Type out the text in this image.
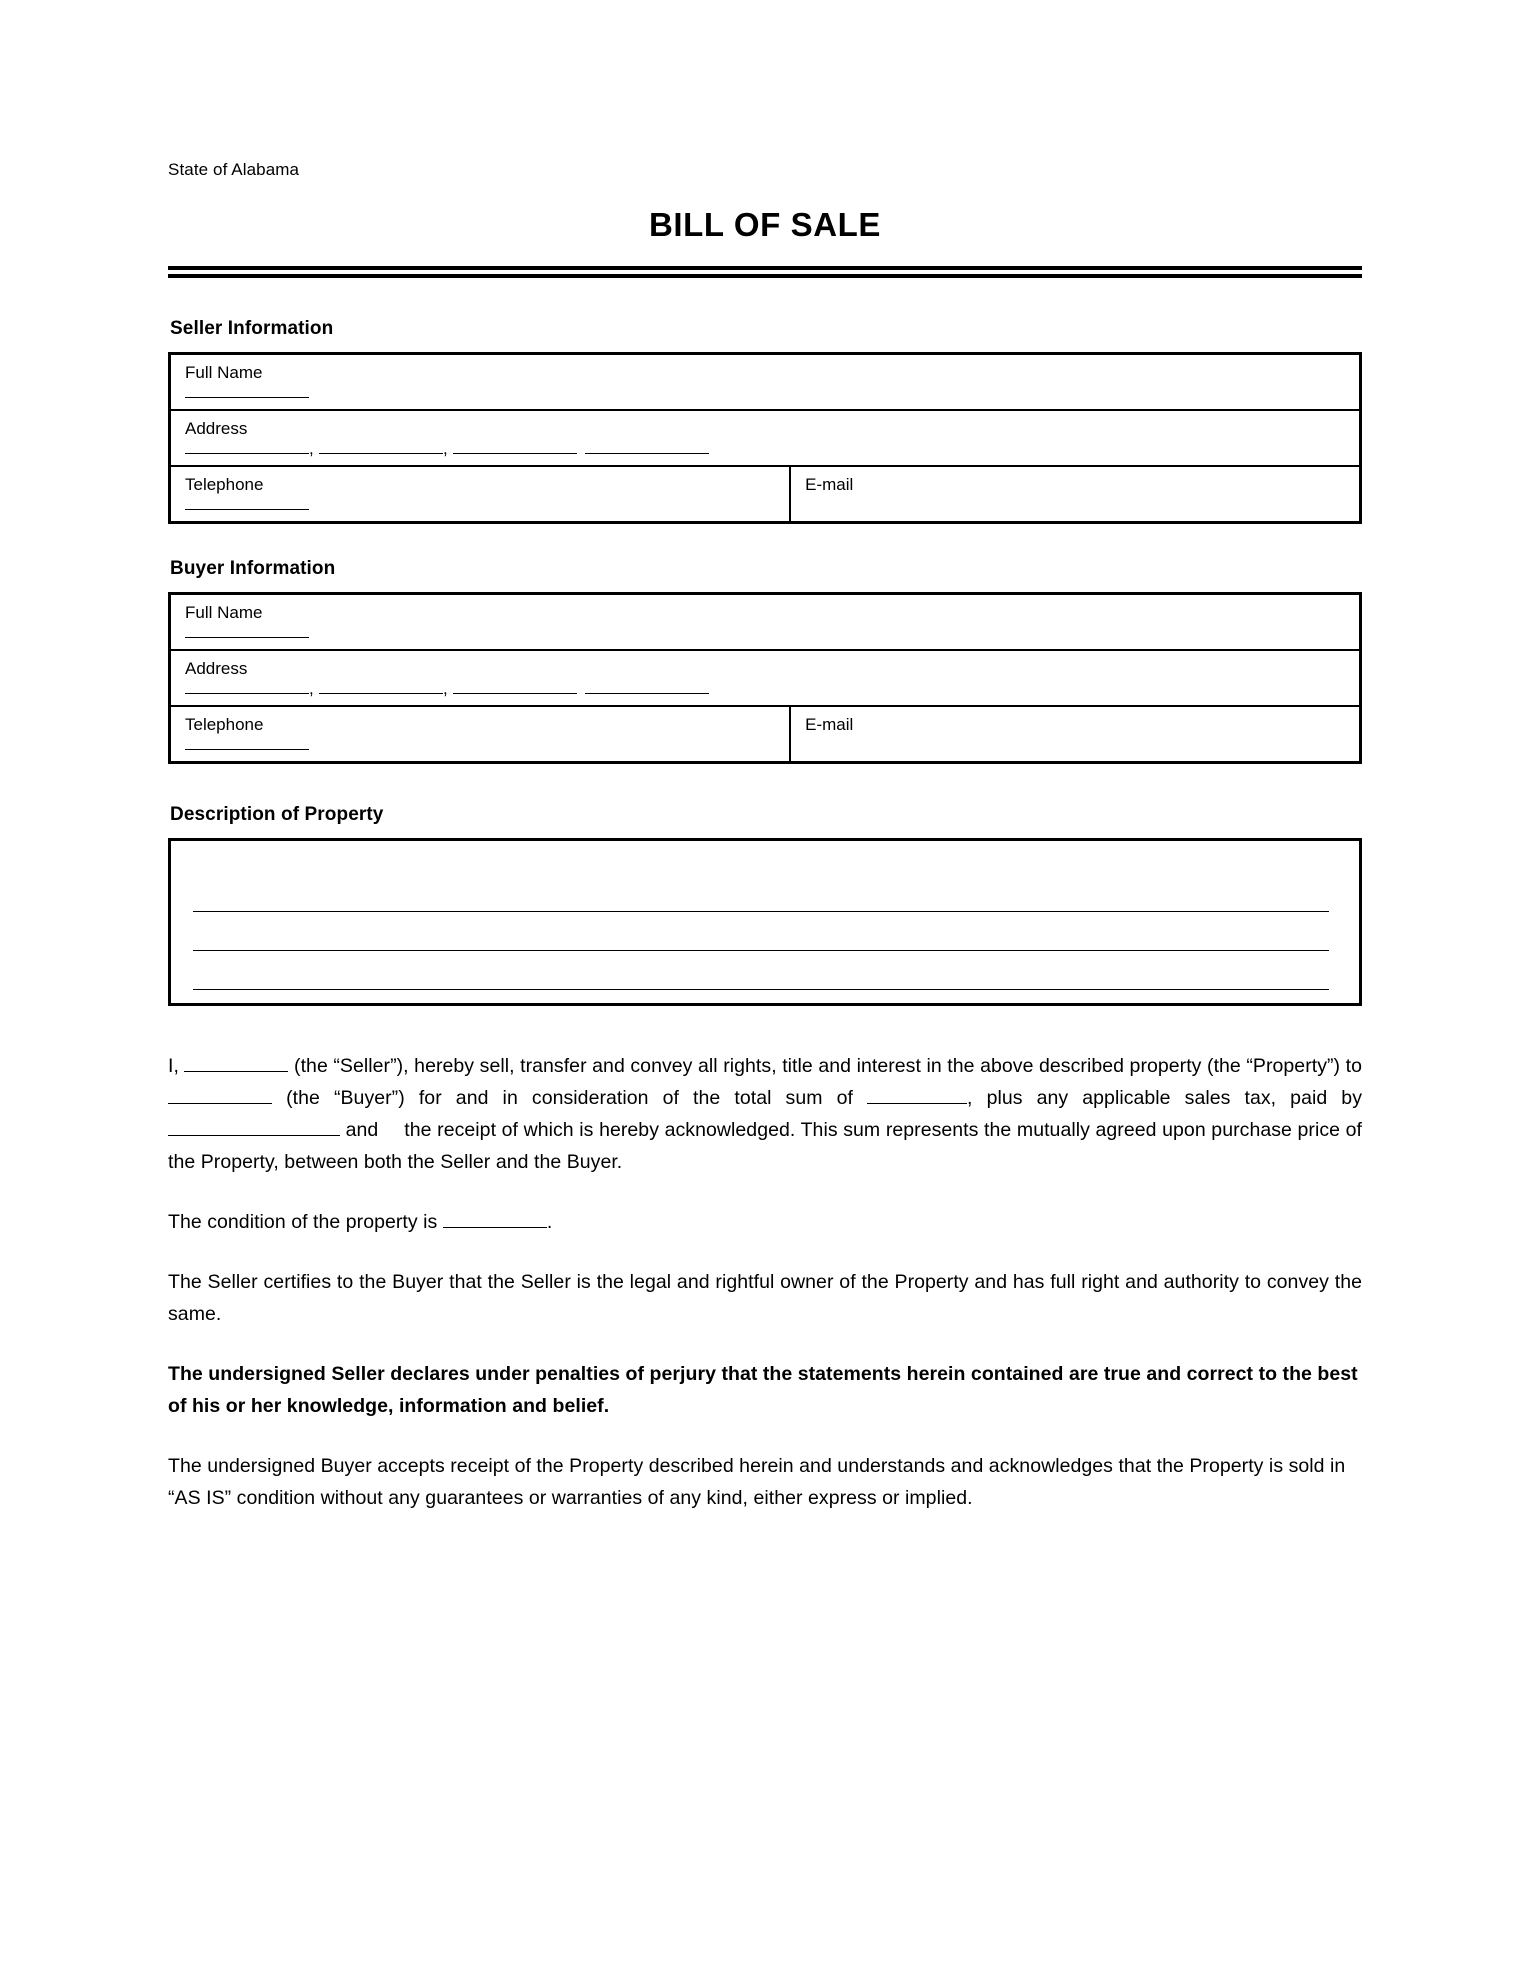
State of Alabama
BILL OF SALE
Seller Information
Full Name
Address
,	,
Telephone	E-mail
Buyer Information
Full Name
Address
,	,
Telephone	E-mail
Description of Property

I,	(the “Seller”), hereby sell, transfer and convey all rights, title and interest in the above described property (the “Property”) to  (the “Buyer”) for and in consideration of the total sum of	, plus any applicable sales tax, paid by  and the receipt of which is hereby acknowledged. This sum represents the mutually agreed upon purchase price of the Property, between both the Seller and the Buyer.

The condition of the property is	.

The Seller certifies to the Buyer that the Seller is the legal and rightful owner of the Property and has full right and authority to convey the same.

The undersigned Seller declares under penalties of perjury that the statements herein contained are true and correct to the best of his or her knowledge, information and belief.

The undersigned Buyer accepts receipt of the Property described herein and understands and acknowledges that the Property is sold in “AS IS” condition without any guarantees or warranties of any kind, either express or implied.
